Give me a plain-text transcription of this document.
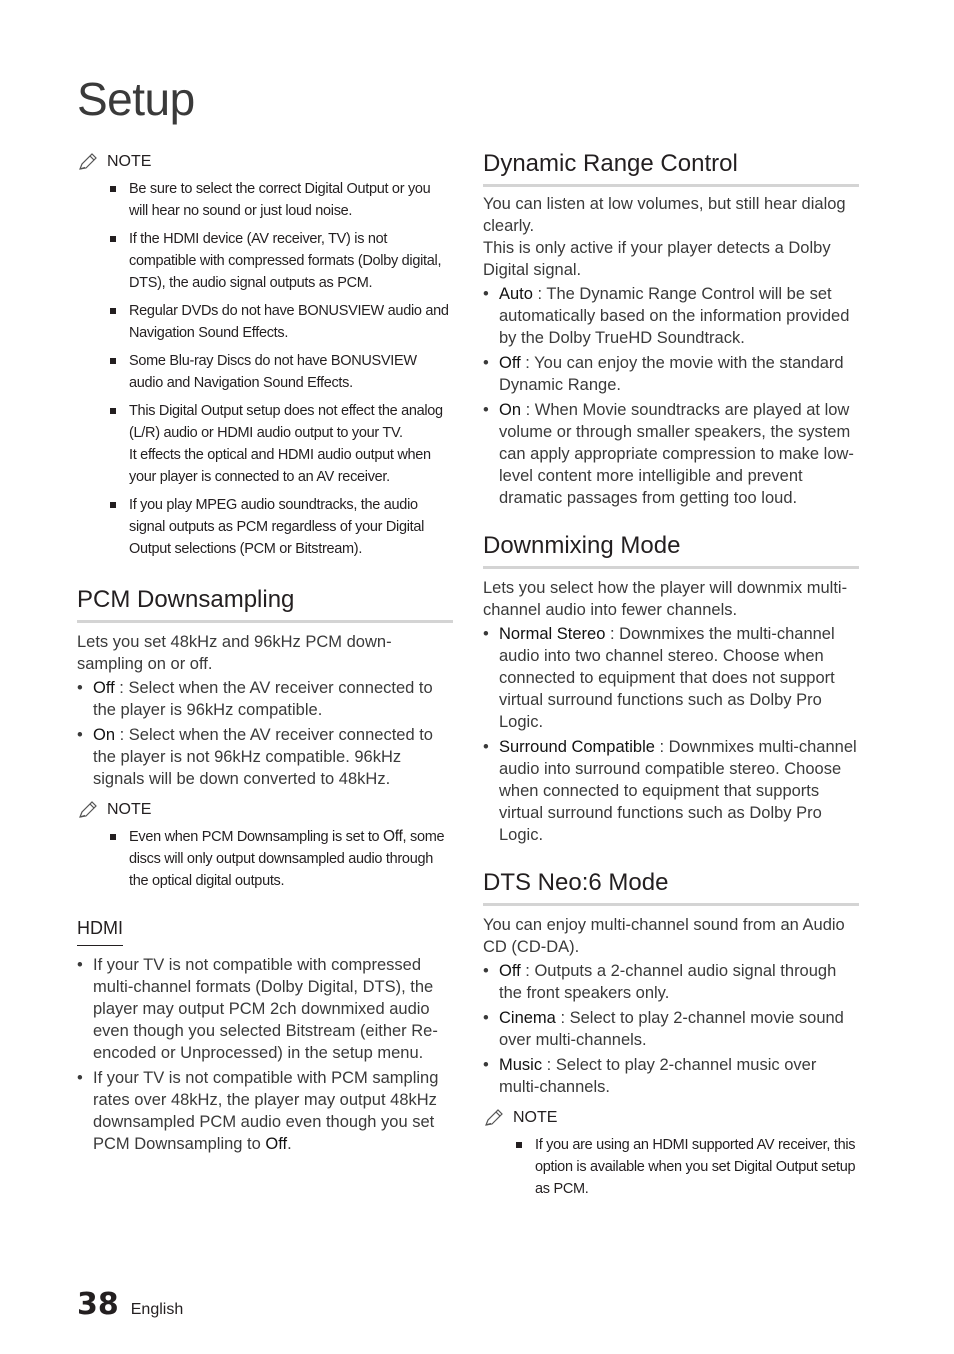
Setup
NOTE
Be sure to select the correct Digital Output or you will hear no sound or just loud noise.
If the HDMI device (AV receiver, TV) is not compatible with compressed formats (Dolby digital, DTS), the audio signal outputs as PCM.
Regular DVDs do not have BONUSVIEW audio and Navigation Sound Effects.
Some Blu-ray Discs do not have BONUSVIEW audio and Navigation Sound Effects.
This Digital Output setup does not effect the analog (L/R) audio or HDMI audio output to your TV.
It effects the optical and HDMI audio output when your player is connected to an AV receiver.
If you play MPEG audio soundtracks, the audio signal outputs as PCM regardless of your Digital Output selections (PCM or Bitstream).
PCM Downsampling

Lets you set 48kHz and 96kHz PCM down-sampling on or off.

• Off : Select when the AV receiver connected to the player is 96kHz compatible.
• On : Select when the AV receiver connected to the player is not 96kHz compatible. 96kHz signals will be down converted to 48kHz.
NOTE
Even when PCM Downsampling is set to Off, some discs will only output downsampled audio through the optical digital outputs.
HDMI
• If your TV is not compatible with compressed multi-channel formats (Dolby Digital, DTS), the player may output PCM 2ch downmixed audio even though you selected Bitstream (either Re-encoded or Unprocessed) in the setup menu.
• If your TV is not compatible with PCM sampling rates over 48kHz, the player may output 48kHz downsampled PCM audio even though you set PCM Downsampling to Off.
Dynamic Range Control

You can listen at low volumes, but still hear dialog clearly.

This is only active if your player detects a Dolby Digital signal.

• Auto : The Dynamic Range Control will be set automatically based on the information provided by the Dolby TrueHD Soundtrack.
• Off : You can enjoy the movie with the standard Dynamic Range.
• On : When Movie soundtracks are played at low volume or through smaller speakers, the system can apply appropriate compression to make low-level content more intelligible and prevent dramatic passages from getting too loud.
Downmixing Mode

Lets you select how the player will downmix multi-channel audio into fewer channels.

• Normal Stereo : Downmixes the multi-channel audio into two channel stereo. Choose when connected to equipment that does not support virtual surround functions such as Dolby Pro Logic.
• Surround Compatible : Downmixes multi-channel audio into surround compatible stereo. Choose when connected to equipment that supports virtual surround functions such as Dolby Pro Logic.
DTS Neo:6 Mode

You can enjoy multi-channel sound from an Audio CD (CD-DA).

• Off : Outputs a 2-channel audio signal through the front speakers only.
• Cinema : Select to play 2-channel movie sound over multi-channels.
• Music : Select to play 2-channel music over multi-channels.
NOTE
If you are using an HDMI supported AV receiver, this option is available when you set Digital Output setup as PCM.
38 English
